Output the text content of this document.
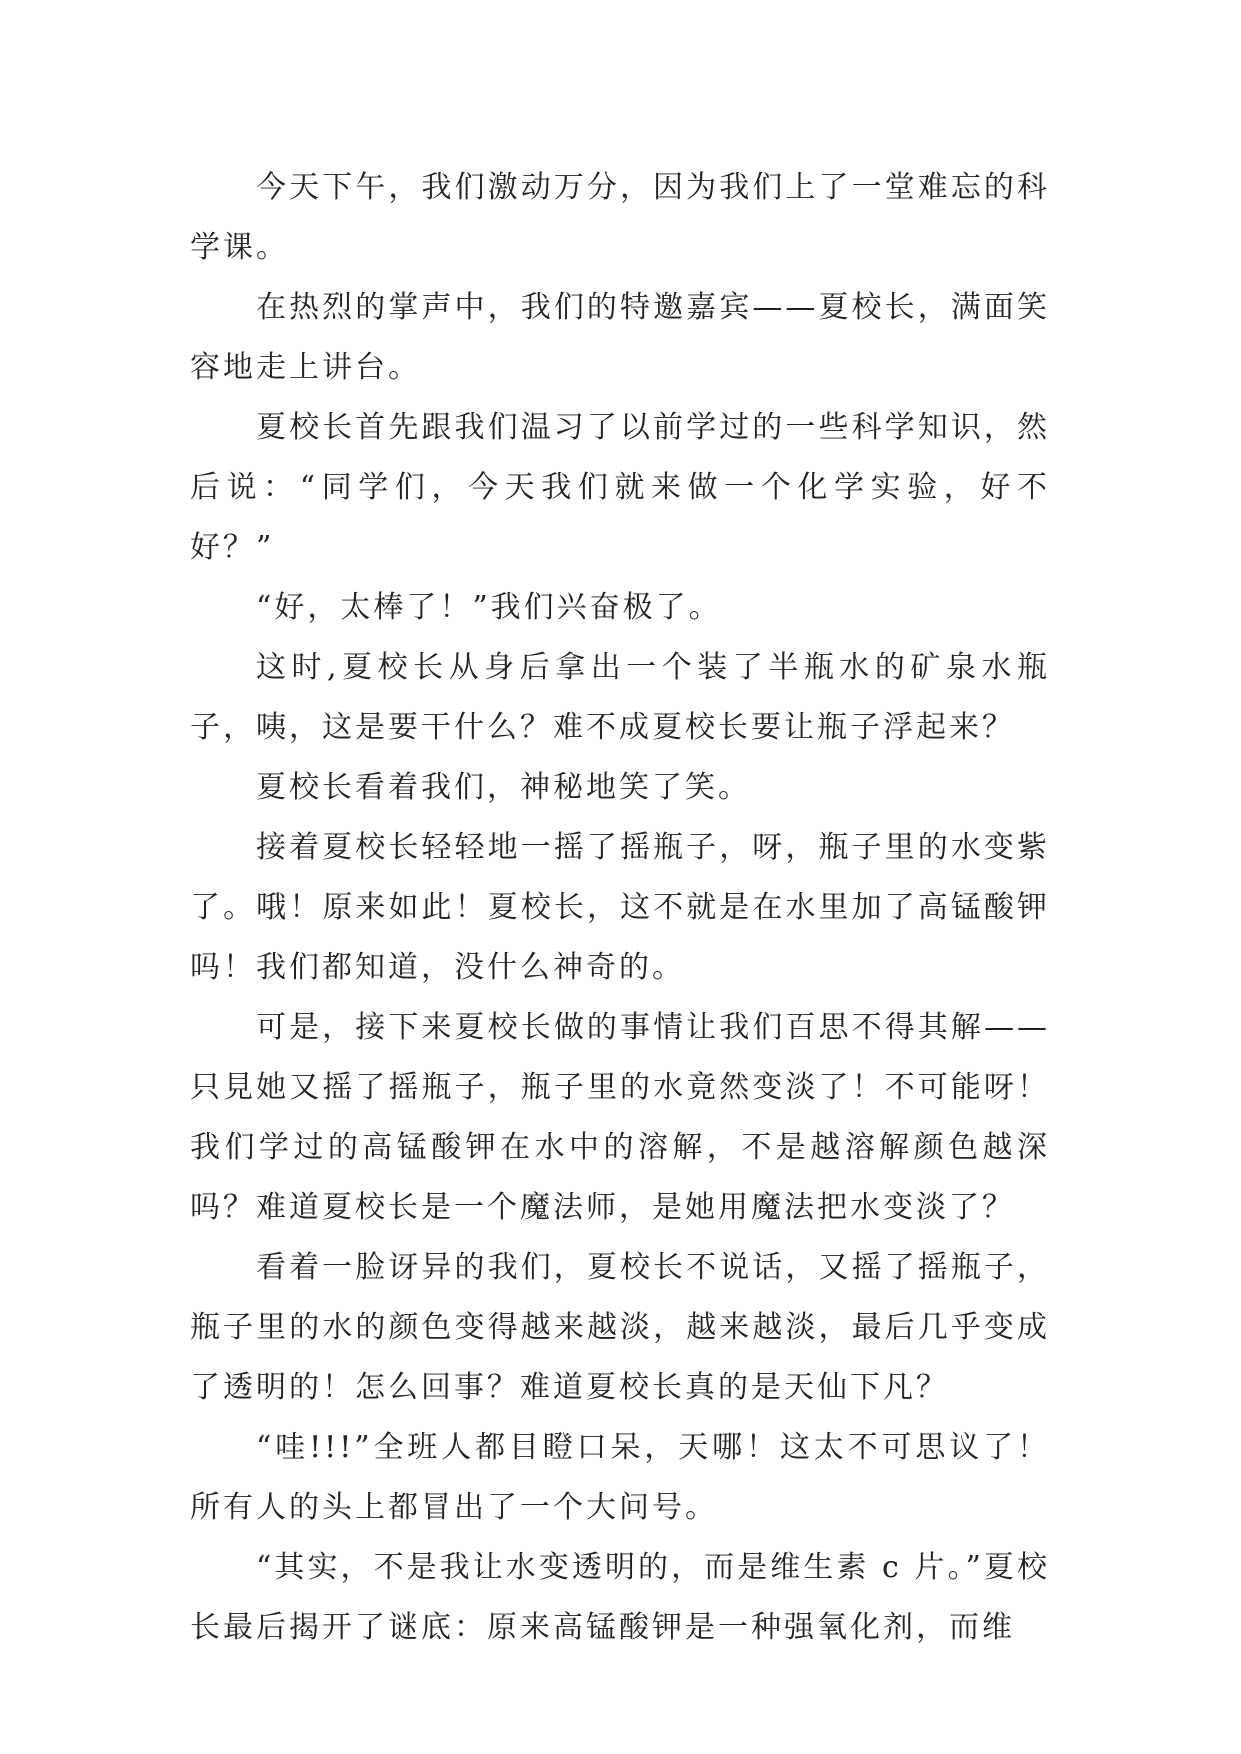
今天下午，我们激动万分，因为我们上了一堂难忘的科学课。

在热烈的掌声中，我们的特邀嘉宾——夏校长，满面笑容地走上讲台。

夏校长首先跟我们温习了以前学过的一些科学知识，然后说：“同学们，今天我们就来做一个化学实验，好不好？”

“好，太棒了！”我们兴奋极了。

这时,夏校长从身后拿出一个装了半瓶水的矿泉水瓶子，咦，这是要干什么？难不成夏校长要让瓶子浮起来？

夏校长看着我们，神秘地笑了笑。

接着夏校长轻轻地一摇了摇瓶子，呀，瓶子里的水变紫了。哦！原来如此！夏校长，这不就是在水里加了高锰酸钾吗！我们都知道，没什么神奇的。

可是，接下来夏校长做的事情让我们百思不得其解——只見她又摇了摇瓶子，瓶子里的水竟然变淡了！不可能呀！我们学过的高锰酸钾在水中的溶解，不是越溶解颜色越深吗？难道夏校长是一个魔法师，是她用魔法把水变淡了？

看着一脸讶异的我们，夏校长不说话，又摇了摇瓶子，瓶子里的水的颜色变得越来越淡，越来越淡，最后几乎变成了透明的！怎么回事？难道夏校长真的是天仙下凡？

“哇!!!”全班人都目瞪口呆，天哪！这太不可思议了！所有人的头上都冒出了一个大问号。

“其实，不是我让水变透明的，而是维生素 c 片。”夏校长最后揭开了谜底：原来高锰酸钾是一种强氧化剂，而维
